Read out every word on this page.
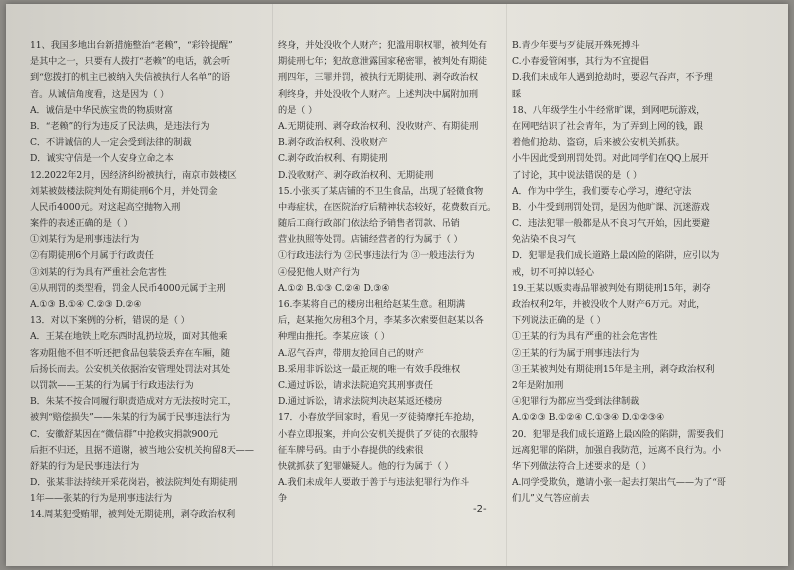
11、我国多地出台新措施整治“老赖”，“彩铃提醒”
是其中之一，只要有人拨打“老赖”的电话，就会听
到“您拨打的机主已被纳入失信被执行人名单”的语
音。从诚信角度看，这是因为（ ）
A．诚信是中华民族宝贵的物质财富
B．“老赖”的行为违反了民法典，是违法行为
C．不讲诚信的人一定会受到法律的制裁
D．诚实守信是一个人安身立命之本
12.2022年2月，因经济纠纷被执行，南京市鼓楼区
刘某被鼓楼法院判处有期徒刑6个月，并处罚金
人民币4000元。对这起高空抛物入刑
案件的表述正确的是（ ）
①刘某行为是刑事违法行为
②有期徒刑6个月属于行政责任
③刘某的行为具有严重社会危害性
④从刑罚的类型看，罚金人民币4000元属于主刑
A.①③ B.①④ C.②③ D.②④
13．对以下案例的分析，错误的是（ ）
A．王某在地铁上吃东西时乱扔垃圾，面对其他乘
客劝阻他不但不听还把食品包装袋丢弃在车厢，随
后扬长而去。公安机关依据治安管理处罚法对其处
以罚款——王某的行为属于行政违法行为
B．朱某不按合同履行职责造成对方无法按时完工，
被判“赔偿损失”——朱某的行为属于民事违法行为
C．安徽舒某因在“微信群”中抢救灾捐款900元
后拒不归还，且据不道谢，被当地公安机关拘留8天——
舒某的行为是民事违法行为
D．张某非法持续开采花岗岩，被法院判处有期徒刑
1年——张某的行为是刑事违法行为
14.周某犯受贿罪，被判处无期徒刑，剥夺政治权利
终身，并处没收个人财产；犯滥用职权罪，被判处有
期徒刑七年；犯故意泄露国家秘密罪，被判处有期徒
刑四年，三罪并罚，被执行无期徒刑、剥夺政治权
利终身，并处没收个人财产。上述判决中属附加刑
的是（ ）
A.无期徒刑、剥夺政治权利、没收财产、有期徒刑
B.剥夺政治权利、没收财产
C.剥夺政治权利、有期徒刑
D.没收财产、剥夺政治权利、无期徒刑
15.小张买了某店铺的不卫生食品，出现了轻微食物
中毒症状，在医院治疗后精神状态较好，花费数百元。
随后工商行政部门依法给予销售者罚款、吊销
营业执照等处罚。店铺经营者的行为属于（ ）
①行政违法行为 ②民事违法行为 ③一般违法行为
④侵犯他人财产行为
A.①② B.①③ C.②④ D.③④
16.李某将自己的楼房出租给赵某生意。租期满
后，赵某拖欠房租3个月，李某多次索要但赵某以各
种理由推托。李某应该（ ）
A.忍气吞声，带朋友抢回自己的财产
B.采用非诉讼这一最正规的唯一有效手段维权
C.通过诉讼，请求法院追究其刑事责任
D.通过诉讼，请求法院判决赵某返还楼房
17．小春放学回家时，看见一歹徒骑摩托车抢劫，
小春立即报案，并向公安机关提供了歹徒的衣服特
征车牌号码。由于小春提供的线索很
快就抓获了犯罪嫌疑人。他的行为属于（ ）
A.我们未成年人要敢于善于与违法犯罪行为作斗
争
B.青少年要与歹徒展开殊死搏斗
C.小春爱管闲事，其行为不宜提倡
D.我们未成年人遇到抢劫时，要忍气吞声，不予理
睬
18、八年级学生小牛经常旷课，到网吧玩游戏，
在网吧结识了社会青年，为了弄到上网的钱，跟
着他们抢劫、盗窃，后来被公安机关抓获。
小牛因此受到刑罚处罚。对此同学们在QQ上展开
了讨论，其中说法错误的是（ ）
A．作为中学生，我们要专心学习，遵纪守法
B．小牛受到刑罚处罚，是因为他旷课、沉迷游戏
C．违法犯罪一般都是从不良习气开始，因此要避
免沾染不良习气
D．犯罪是我们成长道路上最凶险的陷阱，应引以为
戒，切不可掉以轻心
19.王某以贩卖毒品罪被判处有期徒刑15年，剥夺
政治权利2年，并被没收个人财产6万元。对此，
下列说法正确的是（ ）
①王某的行为具有严重的社会危害性
②王某的行为属于刑事违法行为
③王某被判处有期徒刑15年是主刑，剥夺政治权利
2年是附加刑
④犯罪行为都应当受到法律制裁
A.①②③ B.①②④ C.①③④ D.①②③④
20．犯罪是我们成长道路上最凶险的陷阱，需要我们
远离犯罪的陷阱，加强自我防范，远离不良行为。小
华下列做法符合上述要求的是（ ）
A.同学受欺负，邀请小张一起去打架出气——为了“哥
们儿”义气答应前去
-2-
